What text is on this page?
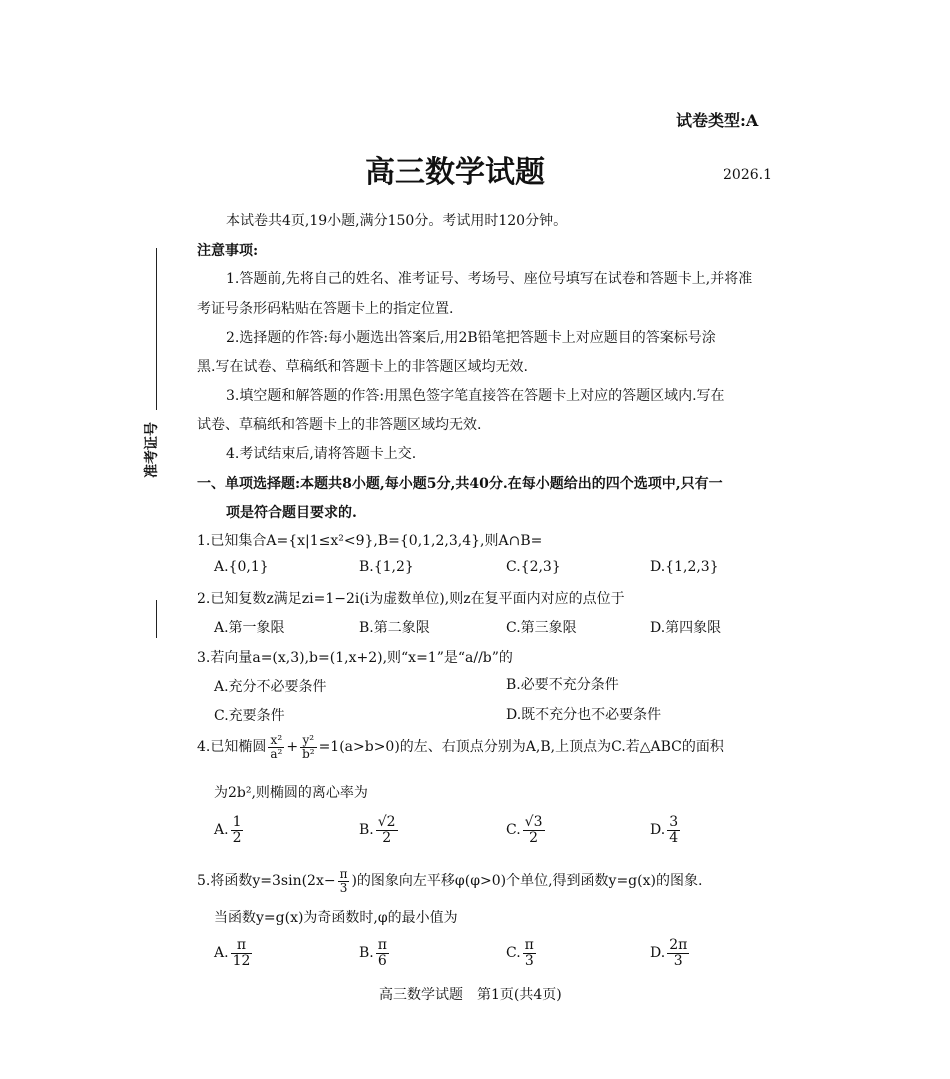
试卷类型:A
高三数学试题	2026.1
准考证号
本试卷共4页,19小题,满分150分。考试用时120分钟。
注意事项:
1.答题前,先将自己的姓名、准考证号、考场号、座位号填写在试卷和答题卡上,并将准
考证号条形码粘贴在答题卡上的指定位置.
2.选择题的作答:每小题选出答案后,用2B铅笔把答题卡上对应题目的答案标号涂
黑.写在试卷、草稿纸和答题卡上的非答题区域均无效.
3.填空题和解答题的作答:用黑色签字笔直接答在答题卡上对应的答题区域内.写在
试卷、草稿纸和答题卡上的非答题区域均无效.
4.考试结束后,请将答题卡上交.
一、单项选择题:本题共8小题,每小题5分,共40分.在每小题给出的四个选项中,只有一
项是符合题目要求的.
1.已知集合A={x|1≤x²<9},B={0,1,2,3,4},则A∩B=
A.{0,1}	B.{1,2}	C.{2,3}	D.{1,2,3}
2.已知复数z满足zi=1−2i(i为虚数单位),则z在复平面内对应的点位于
A.第一象限	B.第二象限	C.第三象限	D.第四象限
3.若向量a=(x,3),b=(1,x+2),则“x=1”是“a//b”的
A.充分不必要条件	B.必要不充分条件
C.充要条件	D.既不充分也不必要条件
4.已知椭圆 $\frac{\text{x²}}{\text{a²}} + \frac{\text{y²}}{\text{b²}} =1(a>b>0)$的左、右顶点分别为A,B,上顶点为C.若△ABC的面积
为2b²,则椭圆的离心率为
A. $\frac{1}{2}$	B. $\frac{√2}{2}$	C. $\frac{√3}{2}$	D. $\frac{3}{4}$
5.将函数$y=3\sin(2x- \frac{\pi}{3}$ )的图象向左平移φ(φ>0)个单位,得到函数y=g(x)的图象.
当函数y=g(x)为奇函数时,φ的最小值为
A. $\frac{\pi}{12}$	B. $\frac{\pi}{6}$	C. $\frac{\pi}{3}$	D. $\frac{2\pi}{3}$
高三数学试题　第1页(共4页)
